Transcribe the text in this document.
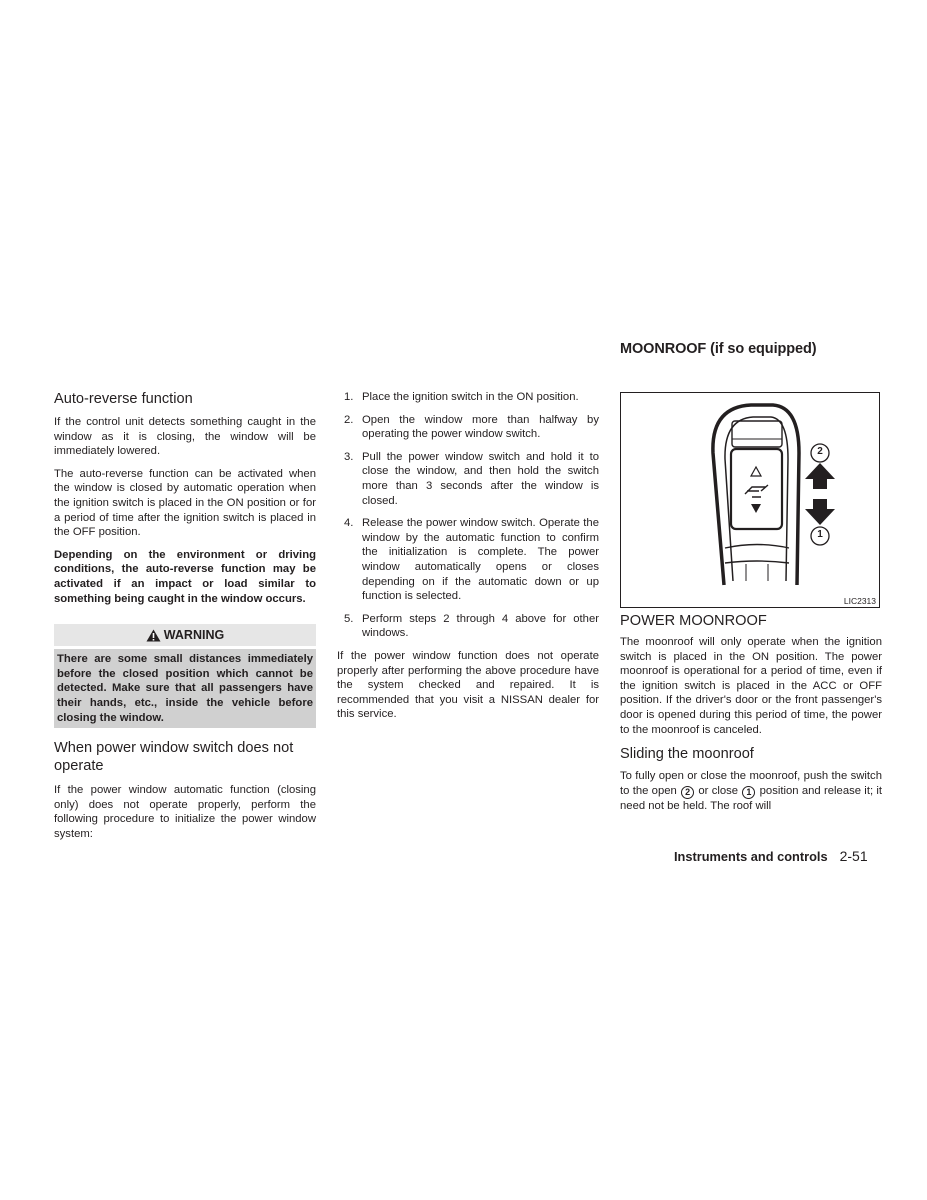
MOONROOF (if so equipped)
Auto-reverse function

If the control unit detects something caught in the window as it is closing, the window will be immediately lowered.

The auto-reverse function can be activated when the window is closed by automatic operation when the ignition switch is placed in the ON position or for a period of time after the ignition switch is placed in the OFF position.

Depending on the environment or driving conditions, the auto-reverse function may be activated if an impact or load similar to something being caught in the window occurs.

WARNING
There are some small distances immediately before the closed position which cannot be detected. Make sure that all passengers have their hands, etc., inside the vehicle before closing the window.
When power window switch does not operate

If the power window automatic function (closing only) does not operate properly, perform the following procedure to initialize the power window system:

1. Place the ignition switch in the ON position.

2. Open the window more than halfway by operating the power window switch.

3. Pull the power window switch and hold it to close the window, and then hold the switch more than 3 seconds after the window is closed.

4. Release the power window switch. Operate the window by the automatic function to confirm the initialization is complete. The power window automatically opens or closes depending on if the automatic down or up function is selected.

5. Perform steps 2 through 4 above for other windows.

If the power window function does not operate properly after performing the above procedure have the system checked and repaired. It is recommended that you visit a NISSAN dealer for this service.

2
1
LIC2313
POWER MOONROOF

The moonroof will only operate when the ignition switch is placed in the ON position. The power moonroof is operational for a period of time, even if the ignition switch is placed in the ACC or OFF position. If the driver's door or the front passenger's door is opened during this period of time, the power to the moonroof is canceled.

Sliding the moonroof

To fully open or close the moonroof, push the switch to the open 2 or close 1 position and release it; it need not be held. The roof will

Instruments and controls 2-51
